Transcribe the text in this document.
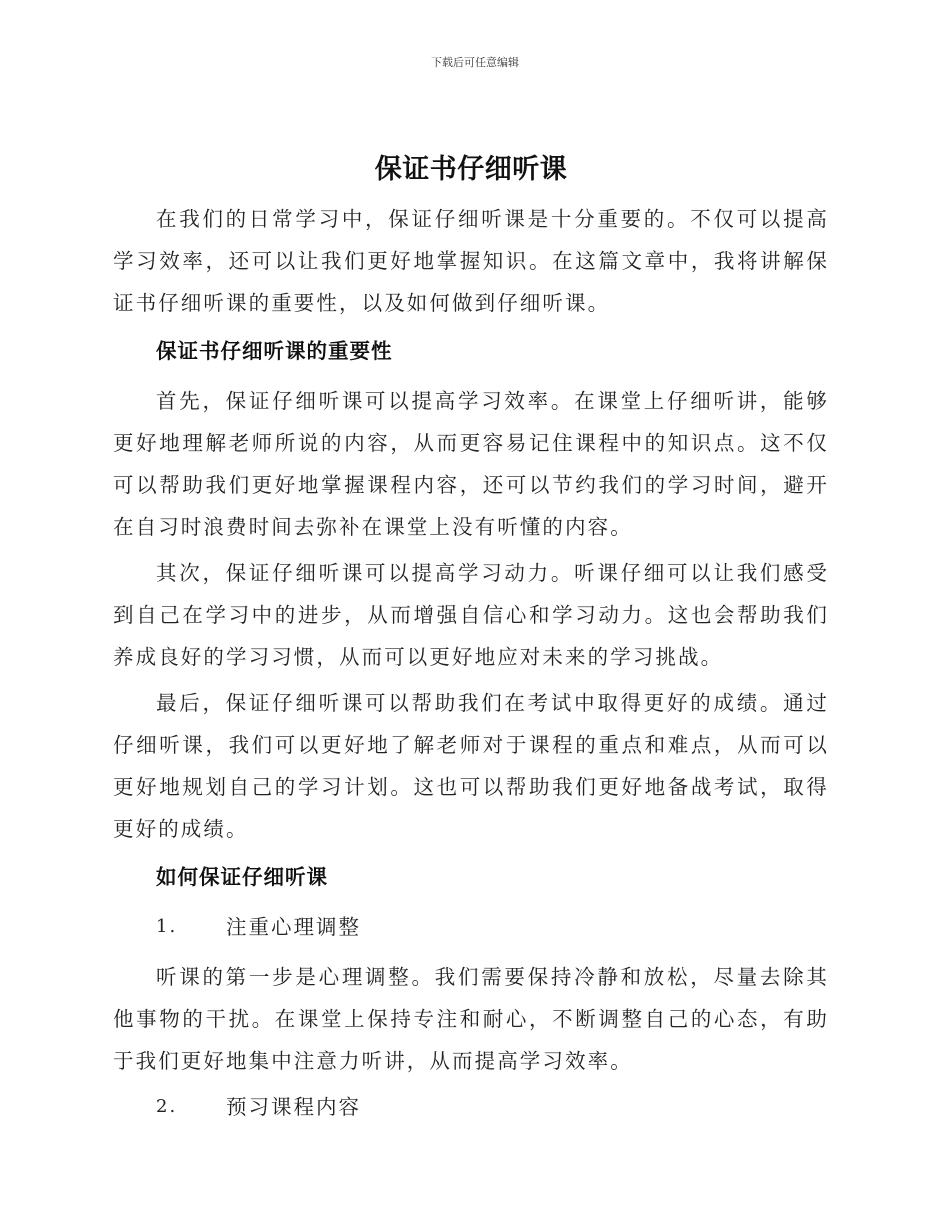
下载后可任意编辑
保证书仔细听课

在我们的日常学习中，保证仔细听课是十分重要的。不仅可以提高学习效率，还可以让我们更好地掌握知识。在这篇文章中，我将讲解保证书仔细听课的重要性，以及如何做到仔细听课。

保证书仔细听课的重要性

首先，保证仔细听课可以提高学习效率。在课堂上仔细听讲，能够更好地理解老师所说的内容，从而更容易记住课程中的知识点。这不仅可以帮助我们更好地掌握课程内容，还可以节约我们的学习时间，避开在自习时浪费时间去弥补在课堂上没有听懂的内容。

其次，保证仔细听课可以提高学习动力。听课仔细可以让我们感受到自己在学习中的进步，从而增强自信心和学习动力。这也会帮助我们养成良好的学习习惯，从而可以更好地应对未来的学习挑战。

最后，保证仔细听课可以帮助我们在考试中取得更好的成绩。通过仔细听课，我们可以更好地了解老师对于课程的重点和难点，从而可以更好地规划自己的学习计划。这也可以帮助我们更好地备战考试，取得更好的成绩。

如何保证仔细听课
1.	注重心理调整

听课的第一步是心理调整。我们需要保持冷静和放松，尽量去除其他事物的干扰。在课堂上保持专注和耐心，不断调整自己的心态，有助于我们更好地集中注意力听讲，从而提高学习效率。

2.	预习课程内容
